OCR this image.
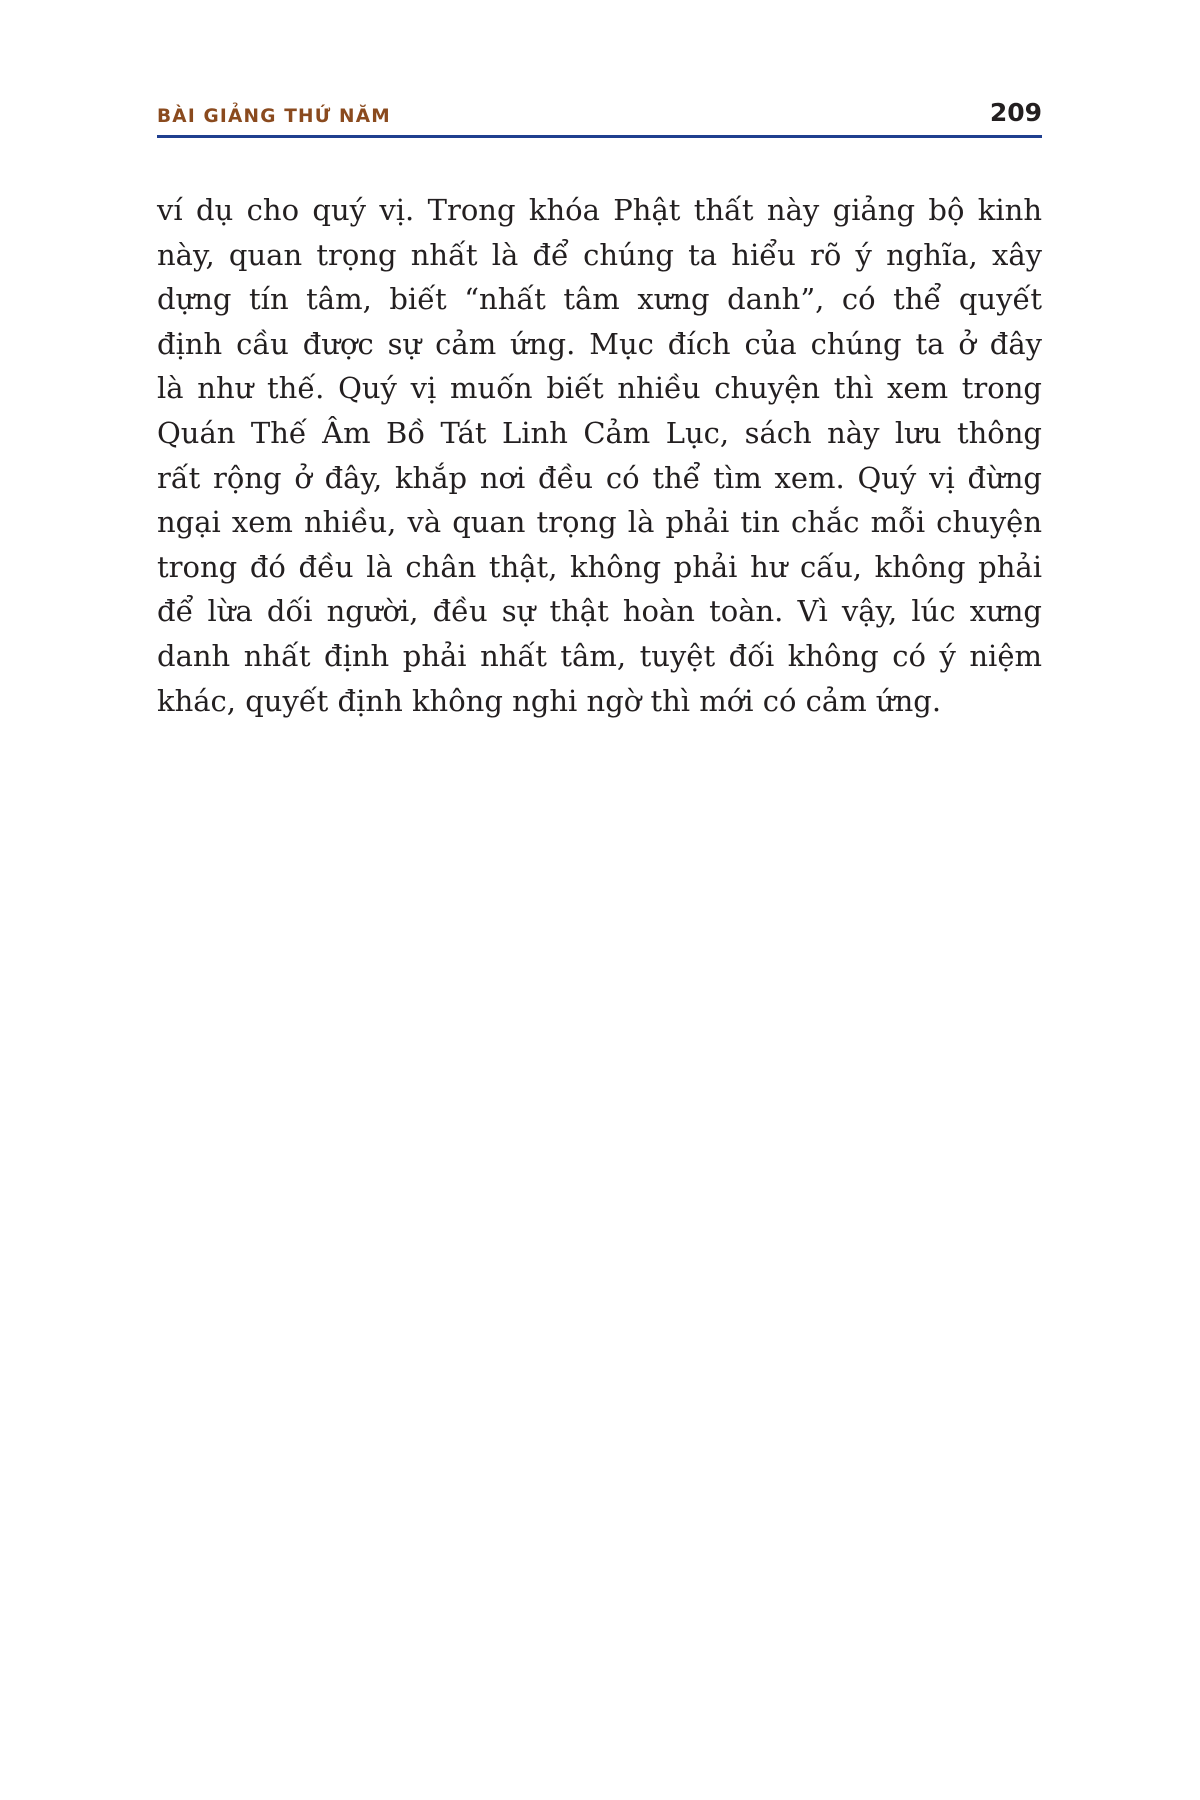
BÀI GIẢNG THỨ NĂM	209
ví dụ cho quý vị. Trong khóa Phật thất này giảng bộ kinh
này, quan trọng nhất là để chúng ta hiểu rõ ý nghĩa, xây
dựng tín tâm, biết “nhất tâm xưng danh”, có thể quyết
định cầu được sự cảm ứng. Mục đích của chúng ta ở đây
là như thế. Quý vị muốn biết nhiều chuyện thì xem trong
Quán Thế Âm Bồ Tát Linh Cảm Lục, sách này lưu thông
rất rộng ở đây, khắp nơi đều có thể tìm xem. Quý vị đừng
ngại xem nhiều, và quan trọng là phải tin chắc mỗi chuyện
trong đó đều là chân thật, không phải hư cấu, không phải
để lừa dối người, đều sự thật hoàn toàn. Vì vậy, lúc xưng
danh nhất định phải nhất tâm, tuyệt đối không có ý niệm
khác, quyết định không nghi ngờ thì mới có cảm ứng.
